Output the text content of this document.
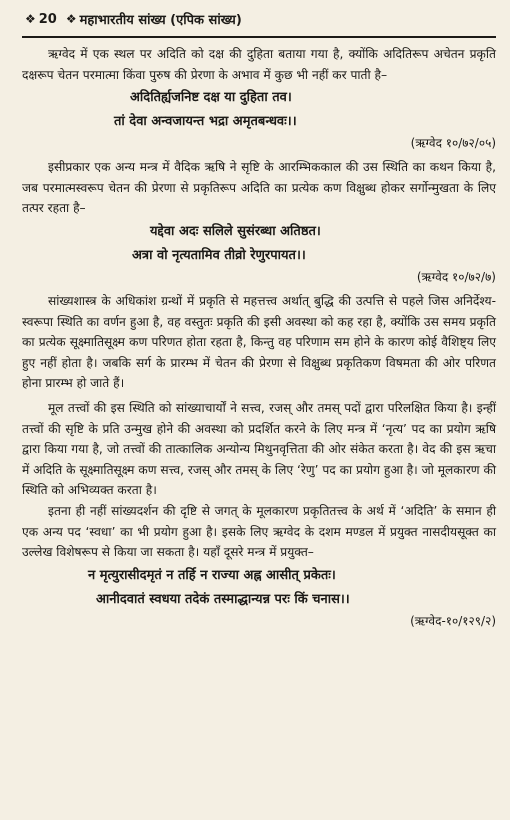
❖ 20 ❖ महाभारतीय सांख्य (एपिक सांख्य)

ऋग्वेद में एक स्थल पर अदिति को दक्ष की दुहिता बताया गया है, क्योंकि अदितिरूप अचेतन प्रकृति दक्षरूप चेतन परमात्मा किंवा पुरुष की प्रेरणा के अभाव में कुछ भी नहीं कर पाती है–

अदितिर्ह्यजनिष्ट दक्ष या दुहिता तव।

तां देवा अन्वजायन्त भद्रा अमृतबन्धवः।।

(ऋग्वेद १०/७२/०५)

इसीप्रकार एक अन्य मन्त्र में वैदिक ऋषि ने सृष्टि के आरम्भिककाल की उस स्थिति का कथन किया है, जब परमात्मस्वरूप चेतन की प्रेरणा से प्रकृतिरूप अदिति का प्रत्येक कण विक्षुब्ध होकर सर्गोन्मुखता के लिए तत्पर रहता है–

यद्देवा अदः सलिले सुसंरब्धा अतिष्ठत।

अत्रा वो नृत्यतामिव तीव्रो रेणुरपायत।।

(ऋग्वेद १०/७२/७)

सांख्यशास्त्र के अधिकांश ग्रन्थों में प्रकृति से महत्तत्त्व अर्थात् बुद्धि की उत्पत्ति से पहले जिस अनिर्देश्य-स्वरूपा स्थिति का वर्णन हुआ है, वह वस्तुतः प्रकृति की इसी अवस्था को कह रहा है, क्योंकि उस समय प्रकृति का प्रत्येक सूक्ष्मातिसूक्ष्म कण परिणत होता रहता है, किन्तु वह परिणाम सम होने के कारण कोई वैशिष्ट्य लिए हुए नहीं होता है। जबकि सर्ग के प्रारम्भ में चेतन की प्रेरणा से विक्षुब्ध प्रकृतिकण विषमता की ओर परिणत होना प्रारम्भ हो जाते हैं।

मूल तत्त्वों की इस स्थिति को सांख्याचार्यों ने सत्त्व, रजस् और तमस् पदों द्वारा परिलक्षित किया है। इन्हीं तत्त्वों की सृष्टि के प्रति उन्मुख होने की अवस्था को प्रदर्शित करने के लिए मन्त्र में ‘नृत्य’ पद का प्रयोग ऋषि द्वारा किया गया है, जो तत्त्वों की तात्कालिक अन्योन्य मिथुनवृत्तिता की ओर संकेत करता है। वेद की इस ऋचा में अदिति के सूक्ष्मातिसूक्ष्म कण सत्त्व, रजस् और तमस् के लिए ‘रेणु’ पद का प्रयोग हुआ है। जो मूलकारण की स्थिति को अभिव्यक्त करता है।

इतना ही नहीं सांख्यदर्शन की दृष्टि से जगत् के मूलकारण प्रकृतितत्त्व के अर्थ में ‘अदिति’ के समान ही एक अन्य पद ‘स्वधा’ का भी प्रयोग हुआ है। इसके लिए ऋग्वेद के दशम मण्डल में प्रयुक्त नासदीयसूक्त का उल्लेख विशेषरूप से किया जा सकता है। यहाँ दूसरे मन्त्र में प्रयुक्त–

न मृत्युरासीदमृतं न तर्हि न राज्या अह्न आसीत् प्रकेतः।

आनीदवातं स्वधया तदेकं तस्माद्धान्यन्न परः किं चनास।।

(ऋग्वेद-१०/१२९/२)
